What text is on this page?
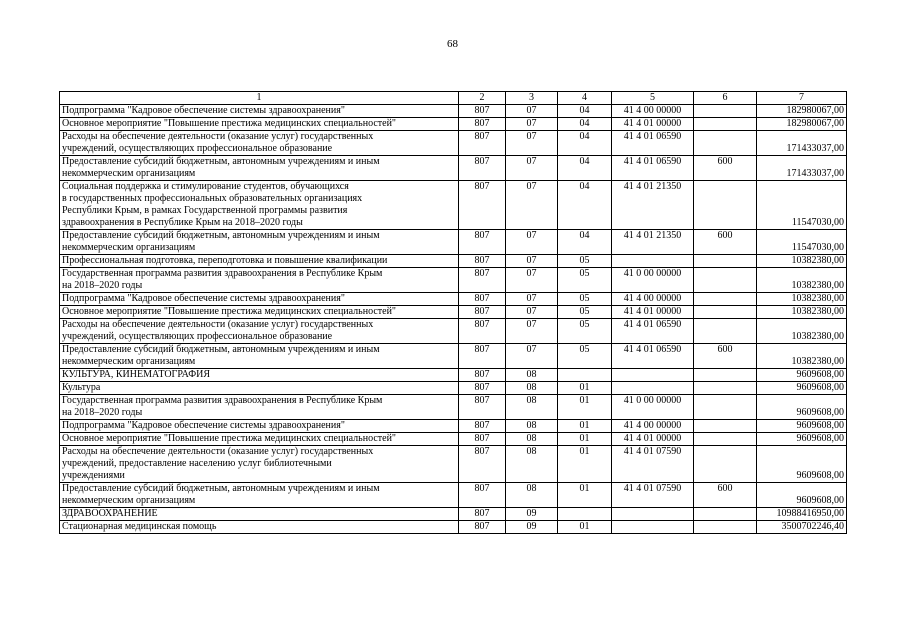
68
1	2	3	4	5	6	7
Подпрограмма "Кадровое обеспечение системы здравоохранения"	807	07	04	41 4 00 00000		182980067,00
Основное мероприятие "Повышение престижа медицинских специальностей"	807	07	04	41 4 01 00000		182980067,00
Расходы на обеспечение деятельности (оказание услуг) государственных
учреждений, осуществляющих профессиональное образование	807	07	04	41 4 01 06590		171433037,00
Предоставление субсидий бюджетным, автономным учреждениям и иным
некоммерческим организациям	807	07	04	41 4 01 06590	600	171433037,00
Социальная поддержка и стимулирование студентов, обучающихся
в государственных профессиональных образовательных организациях
Республики Крым, в рамках Государственной программы развития
здравоохранения в Республике Крым на 2018–2020 годы	807	07	04	41 4 01 21350		11547030,00
Предоставление субсидий бюджетным, автономным учреждениям и иным
некоммерческим организациям	807	07	04	41 4 01 21350	600	11547030,00
Профессиональная подготовка, переподготовка и повышение квалификации	807	07	05			10382380,00
Государственная программа развития здравоохранения в Республике Крым
на 2018–2020 годы	807	07	05	41 0 00 00000		10382380,00
Подпрограмма "Кадровое обеспечение системы здравоохранения"	807	07	05	41 4 00 00000		10382380,00
Основное мероприятие "Повышение престижа медицинских специальностей"	807	07	05	41 4 01 00000		10382380,00
Расходы на обеспечение деятельности (оказание услуг) государственных
учреждений, осуществляющих профессиональное образование	807	07	05	41 4 01 06590		10382380,00
Предоставление субсидий бюджетным, автономным учреждениям и иным
некоммерческим организациям	807	07	05	41 4 01 06590	600	10382380,00
КУЛЬТУРА, КИНЕМАТОГРАФИЯ	807	08				9609608,00
Культура	807	08	01			9609608,00
Государственная программа развития здравоохранения в Республике Крым
на 2018–2020 годы	807	08	01	41 0 00 00000		9609608,00
Подпрограмма "Кадровое обеспечение системы здравоохранения"	807	08	01	41 4 00 00000		9609608,00
Основное мероприятие "Повышение престижа медицинских специальностей"	807	08	01	41 4 01 00000		9609608,00
Расходы на обеспечение деятельности (оказание услуг) государственных
учреждений, предоставление населению услуг библиотечными
учреждениями	807	08	01	41 4 01 07590		9609608,00
Предоставление субсидий бюджетным, автономным учреждениям и иным
некоммерческим организациям	807	08	01	41 4 01 07590	600	9609608,00
ЗДРАВООХРАНЕНИЕ	807	09				10988416950,00
Стационарная медицинская помощь	807	09	01			3500702246,40
